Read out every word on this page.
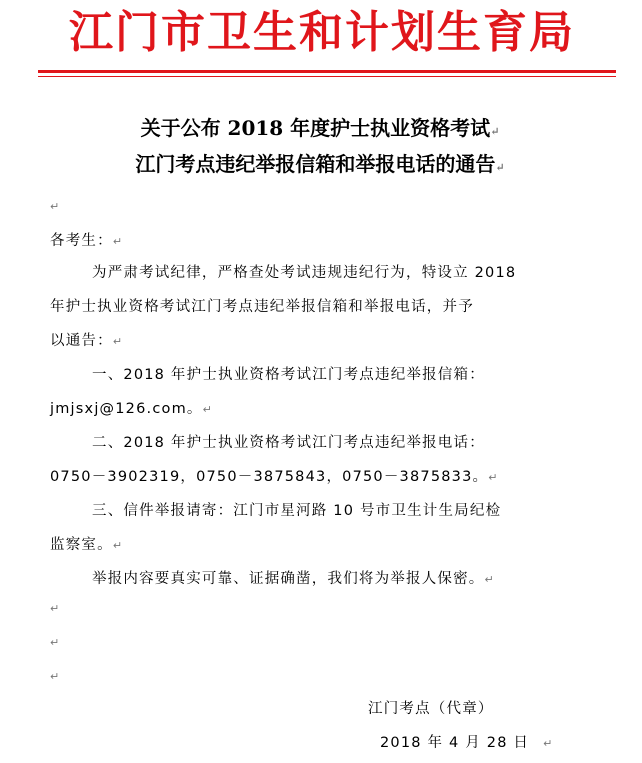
江门市卫生和计划生育局
关于公布 2018 年度护士执业资格考试↵
江门考点违纪举报信箱和举报电话的通告↵
↵
各考生：↵
为严肃考试纪律，严格查处考试违规违纪行为，特设立 2018
年护士执业资格考试江门考点违纪举报信箱和举报电话，并予
以通告：↵
一、2018 年护士执业资格考试江门考点违纪举报信箱：
jmjsxj@126.com。↵
二、2018 年护士执业资格考试江门考点违纪举报电话：
0750－3902319，0750－3875843，0750－3875833。↵
三、信件举报请寄：江门市星河路 10 号市卫生计生局纪检
监察室。↵
举报内容要真实可靠、证据确凿，我们将为举报人保密。↵
↵
↵
↵
江门考点（代章）
2018 年 4 月 28 日    ↵
